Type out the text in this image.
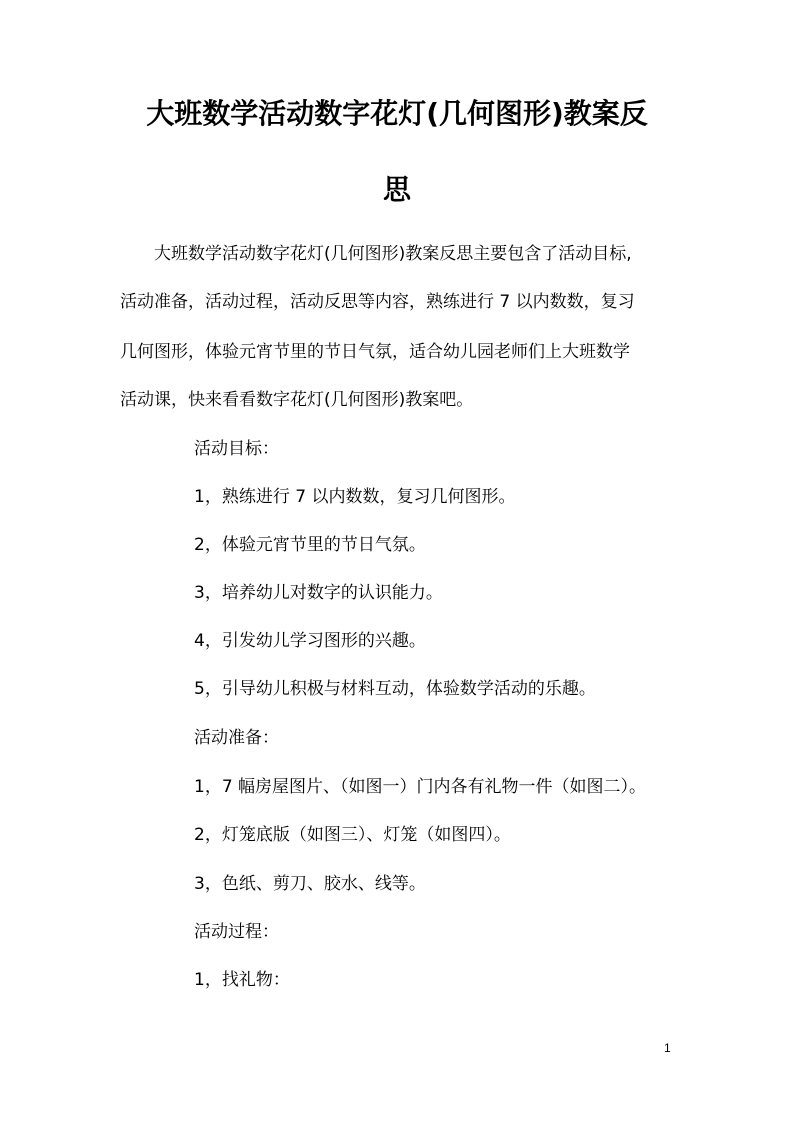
大班数学活动数字花灯(几何图形)教案反
思

　　大班数学活动数字花灯(几何图形)教案反思主要包含了活动目标,

活动准备，活动过程，活动反思等内容，熟练进行 7 以内数数，复习

几何图形，体验元宵节里的节日气氛，适合幼儿园老师们上大班数学

活动课，快来看看数字花灯(几何图形)教案吧。

活动目标：

1，熟练进行 7 以内数数，复习几何图形。

2，体验元宵节里的节日气氛。

3，培养幼儿对数字的认识能力。

4，引发幼儿学习图形的兴趣。

5，引导幼儿积极与材料互动，体验数学活动的乐趣。

活动准备：

1，7 幅房屋图片、（如图一）门内各有礼物一件（如图二）。

2，灯笼底版（如图三）、灯笼（如图四）。

3，色纸、剪刀、胶水、线等。

活动过程：

1，找礼物：

1
